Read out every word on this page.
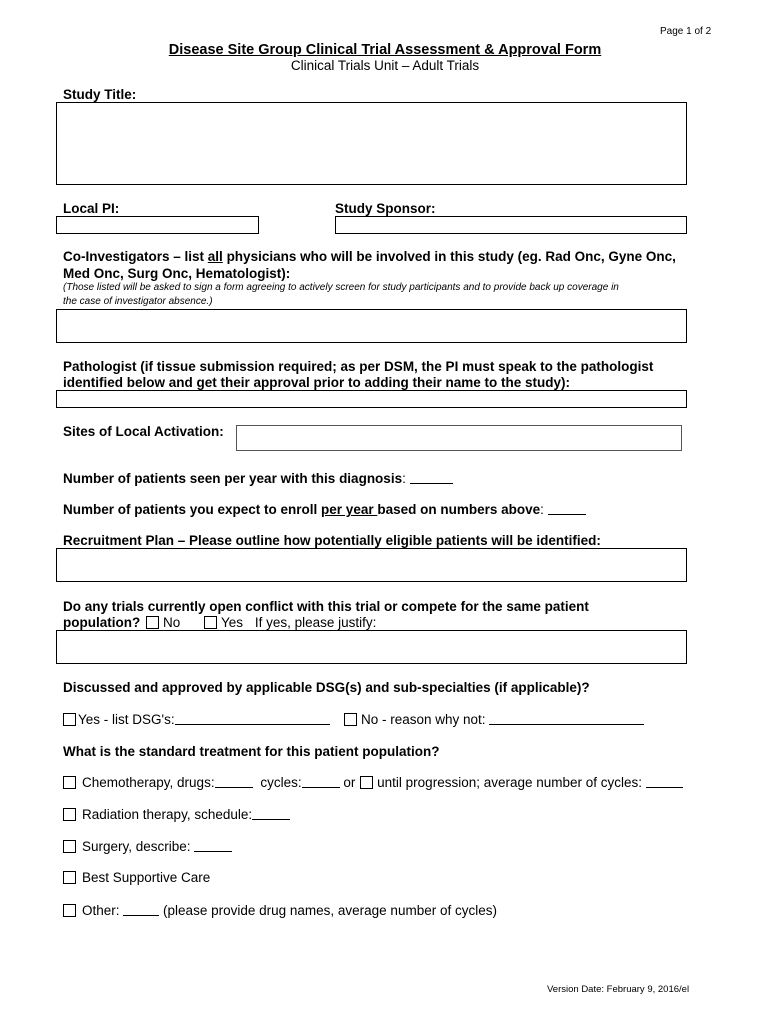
Page 1 of 2
Disease Site Group Clinical Trial Assessment & Approval Form
Clinical Trials Unit – Adult Trials
Study Title:
Local PI:	Study Sponsor:
Co-Investigators – list all physicians who will be involved in this study (eg. Rad Onc, Gyne Onc,
Med Onc, Surg Onc, Hematologist):
(Those listed will be asked to sign a form agreeing to actively screen for study participants and to provide back up coverage in
the case of investigator absence.)
Pathologist (if tissue submission required; as per DSM, the PI must speak to the pathologist
identified below and get their approval prior to adding their name to the study):
Sites of Local Activation:
Number of patients seen per year with this diagnosis:
Number of patients you expect to enroll per year based on numbers above:
Recruitment Plan – Please outline how potentially eligible patients will be identified:
Do any trials currently open conflict with this trial or compete for the same patient
population? No	Yes If yes, please justify:
Discussed and approved by applicable DSG(s) and sub-specialties (if applicable)?
Yes - list DSG's:	No - reason why not:
What is the standard treatment for this patient population?
Chemotherapy, drugs:	cycles:	or until progression; average number of cycles:
Radiation therapy, schedule:
Surgery, describe:
Best Supportive Care
Other:	(please provide drug names, average number of cycles)
Version Date: February 9, 2016/el
